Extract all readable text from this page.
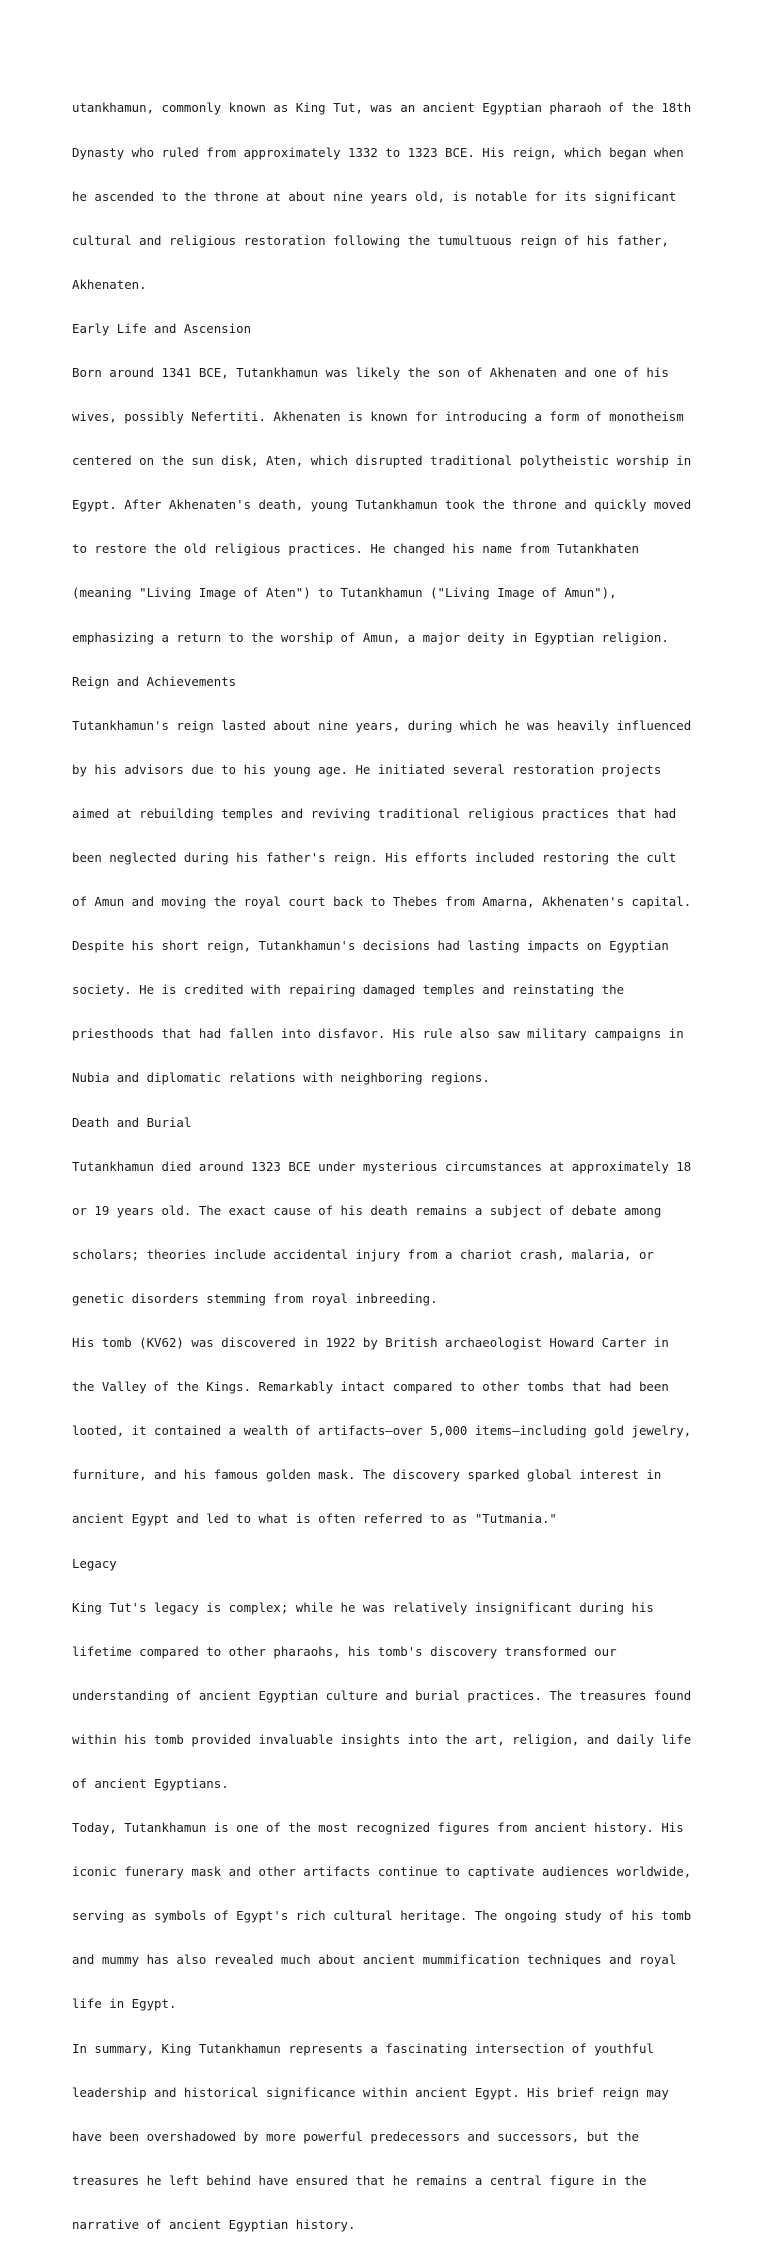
utankhamun, commonly known as King Tut, was an ancient Egyptian pharaoh of the 18th

Dynasty who ruled from approximately 1332 to 1323 BCE. His reign, which began when

he ascended to the throne at about nine years old, is notable for its significant

cultural and religious restoration following the tumultuous reign of his father,

Akhenaten.

Early Life and Ascension

Born around 1341 BCE, Tutankhamun was likely the son of Akhenaten and one of his

wives, possibly Nefertiti. Akhenaten is known for introducing a form of monotheism

centered on the sun disk, Aten, which disrupted traditional polytheistic worship in

Egypt. After Akhenaten's death, young Tutankhamun took the throne and quickly moved

to restore the old religious practices. He changed his name from Tutankhaten

(meaning "Living Image of Aten") to Tutankhamun ("Living Image of Amun"),

emphasizing a return to the worship of Amun, a major deity in Egyptian religion.

Reign and Achievements

Tutankhamun's reign lasted about nine years, during which he was heavily influenced

by his advisors due to his young age. He initiated several restoration projects

aimed at rebuilding temples and reviving traditional religious practices that had

been neglected during his father's reign. His efforts included restoring the cult

of Amun and moving the royal court back to Thebes from Amarna, Akhenaten's capital.

Despite his short reign, Tutankhamun's decisions had lasting impacts on Egyptian

society. He is credited with repairing damaged temples and reinstating the

priesthoods that had fallen into disfavor. His rule also saw military campaigns in

Nubia and diplomatic relations with neighboring regions.

Death and Burial

Tutankhamun died around 1323 BCE under mysterious circumstances at approximately 18

or 19 years old. The exact cause of his death remains a subject of debate among

scholars; theories include accidental injury from a chariot crash, malaria, or

genetic disorders stemming from royal inbreeding.

His tomb (KV62) was discovered in 1922 by British archaeologist Howard Carter in

the Valley of the Kings. Remarkably intact compared to other tombs that had been

looted, it contained a wealth of artifacts—over 5,000 items—including gold jewelry,

furniture, and his famous golden mask. The discovery sparked global interest in

ancient Egypt and led to what is often referred to as "Tutmania."

Legacy

King Tut's legacy is complex; while he was relatively insignificant during his

lifetime compared to other pharaohs, his tomb's discovery transformed our

understanding of ancient Egyptian culture and burial practices. The treasures found

within his tomb provided invaluable insights into the art, religion, and daily life

of ancient Egyptians.

Today, Tutankhamun is one of the most recognized figures from ancient history. His

iconic funerary mask and other artifacts continue to captivate audiences worldwide,

serving as symbols of Egypt's rich cultural heritage. The ongoing study of his tomb

and mummy has also revealed much about ancient mummification techniques and royal

life in Egypt.

In summary, King Tutankhamun represents a fascinating intersection of youthful

leadership and historical significance within ancient Egypt. His brief reign may

have been overshadowed by more powerful predecessors and successors, but the

treasures he left behind have ensured that he remains a central figure in the

narrative of ancient Egyptian history.
